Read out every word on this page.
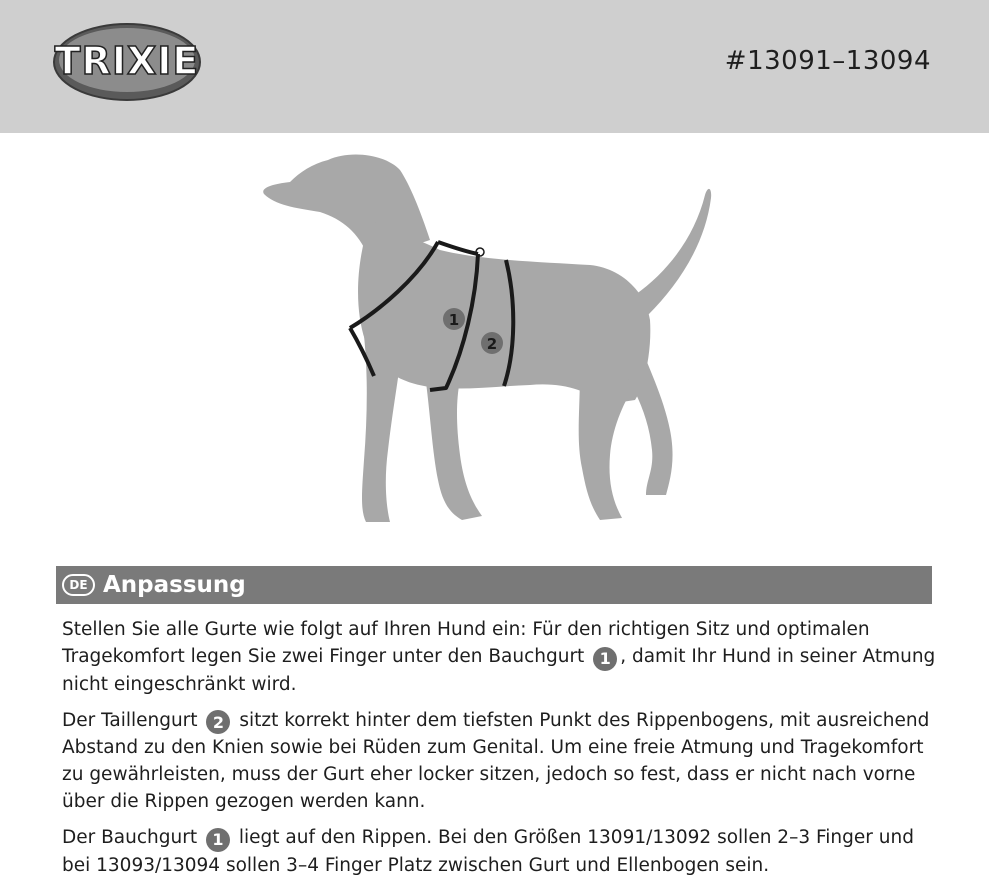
TRIXIE	#13091–13094
1
2
DE Anpassung

Stellen Sie alle Gurte wie folgt auf Ihren Hund ein: Für den richtigen Sitz und optimalen Tragekomfort legen Sie zwei Finger unter den Bauchgurt 1 , damit Ihr Hund in seiner Atmung nicht eingeschränkt wird.

Der Taillengurt 2 sitzt korrekt hinter dem tiefsten Punkt des Rippenbogens, mit ausreichend Abstand zu den Knien sowie bei Rüden zum Genital. Um eine freie Atmung und Tragekomfort zu gewährleisten, muss der Gurt eher locker sitzen, jedoch so fest, dass er nicht nach vorne über die Rippen gezogen werden kann.

Der Bauchgurt 1 liegt auf den Rippen. Bei den Größen 13091/13092 sollen 2–3 Finger und bei 13093/13094 sollen 3–4 Finger Platz zwischen Gurt und Ellenbogen sein.
